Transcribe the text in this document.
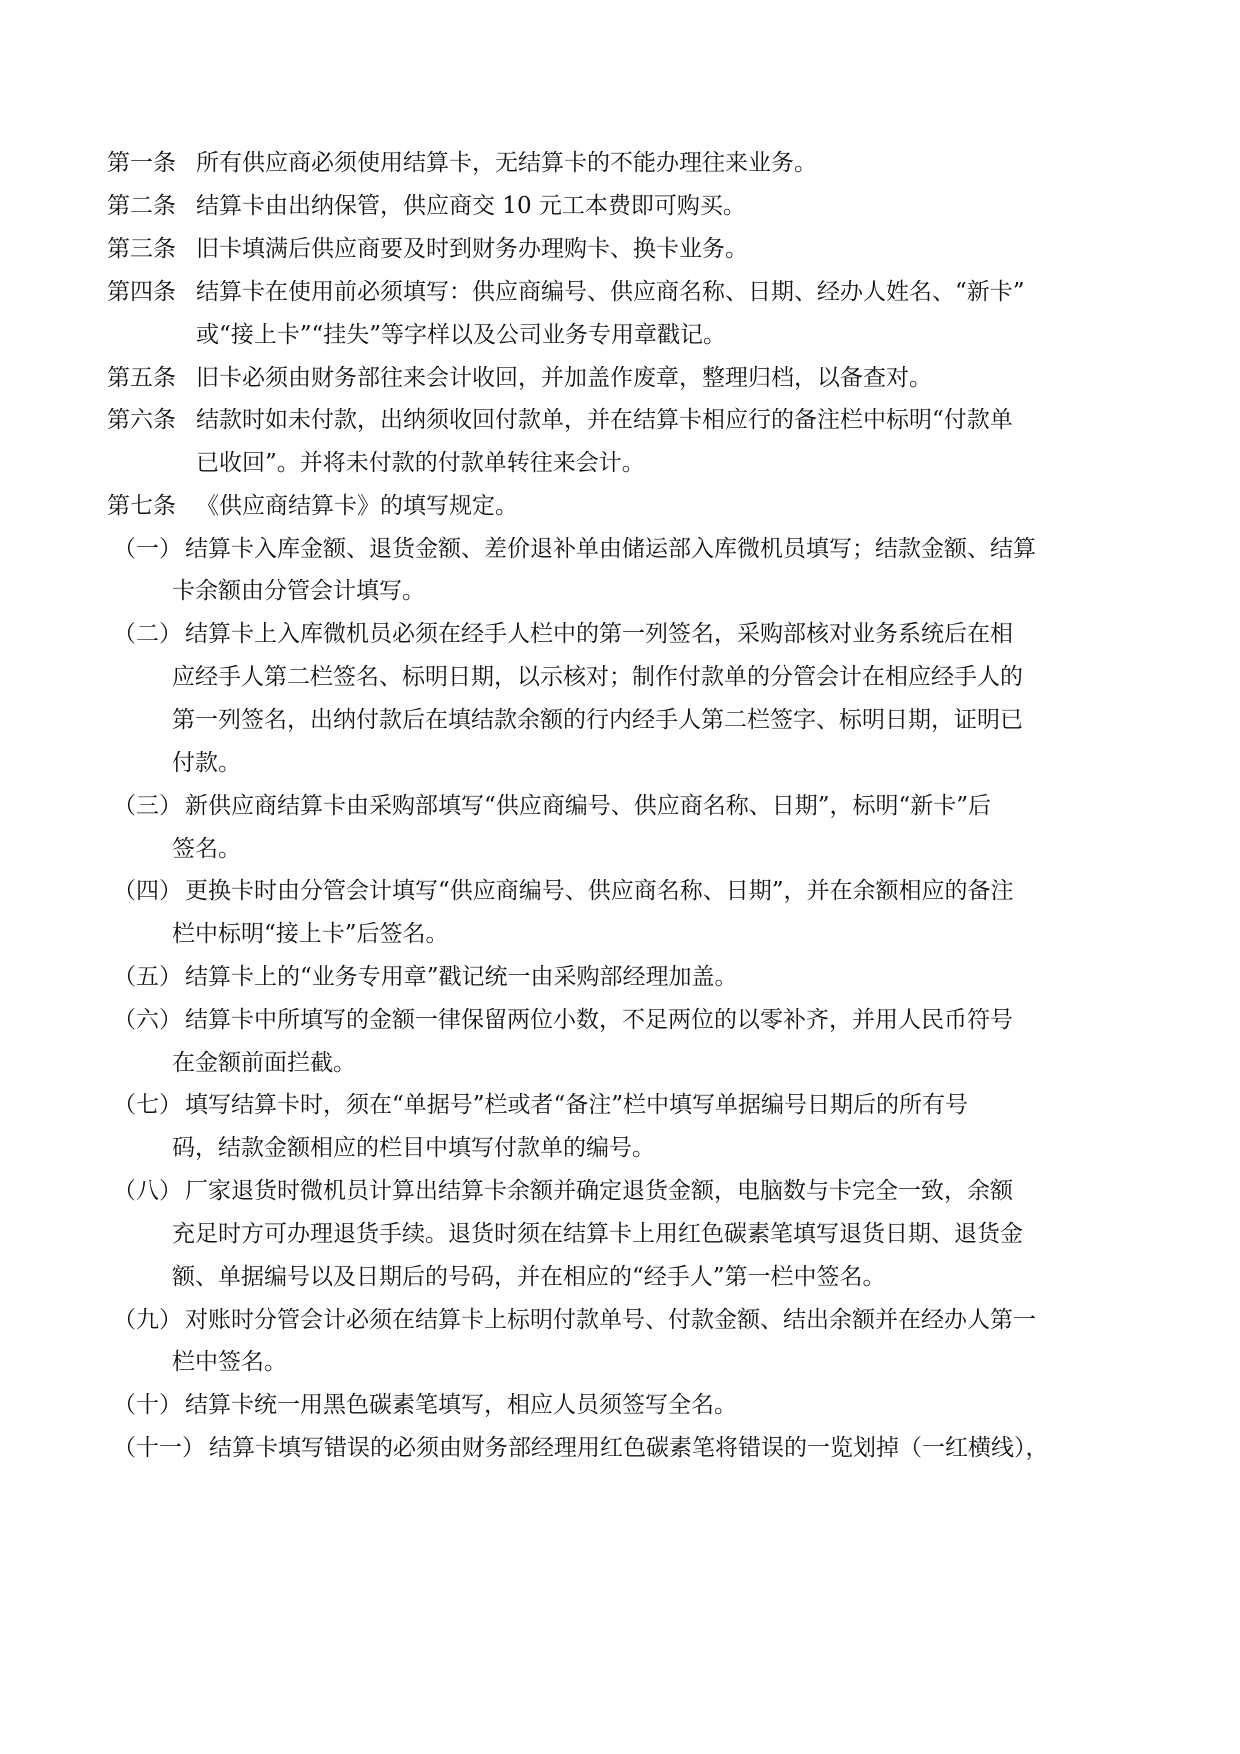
第一条 所有供应商必须使用结算卡，无结算卡的不能办理往来业务。
第二条 结算卡由出纳保管，供应商交 10 元工本费即可购买。
第三条 旧卡填满后供应商要及时到财务办理购卡、换卡业务。
第四条 结算卡在使用前必须填写：供应商编号、供应商名称、日期、经办人姓名、“新卡”
或“接上卡”“挂失”等字样以及公司业务专用章戳记。
第五条 旧卡必须由财务部往来会计收回，并加盖作废章，整理归档，以备查对。
第六条 结款时如未付款，出纳须收回付款单，并在结算卡相应行的备注栏中标明“付款单
已收回”。并将未付款的付款单转往来会计。
第七条 《供应商结算卡》的填写规定。
（一） 结算卡入库金额、退货金额、差价退补单由储运部入库微机员填写；结款金额、结算
卡余额由分管会计填写。
（二） 结算卡上入库微机员必须在经手人栏中的第一列签名，采购部核对业务系统后在相
应经手人第二栏签名、标明日期，以示核对；制作付款单的分管会计在相应经手人的
第一列签名，出纳付款后在填结款余额的行内经手人第二栏签字、标明日期，证明已
付款。
（三） 新供应商结算卡由采购部填写“供应商编号、供应商名称、日期”，标明“新卡”后
签名。
（四） 更换卡时由分管会计填写“供应商编号、供应商名称、日期”，并在余额相应的备注
栏中标明“接上卡”后签名。
（五） 结算卡上的“业务专用章”戳记统一由采购部经理加盖。
（六） 结算卡中所填写的金额一律保留两位小数，不足两位的以零补齐，并用人民币符号
在金额前面拦截。
（七） 填写结算卡时，须在“单据号”栏或者“备注”栏中填写单据编号日期后的所有号
码，结款金额相应的栏目中填写付款单的编号。
（八） 厂家退货时微机员计算出结算卡余额并确定退货金额，电脑数与卡完全一致，余额
充足时方可办理退货手续。退货时须在结算卡上用红色碳素笔填写退货日期、退货金
额、单据编号以及日期后的号码，并在相应的“经手人”第一栏中签名。
（九） 对账时分管会计必须在结算卡上标明付款单号、付款金额、结出余额并在经办人第一
栏中签名。
（十） 结算卡统一用黑色碳素笔填写，相应人员须签写全名。
（十一） 结算卡填写错误的必须由财务部经理用红色碳素笔将错误的一览划掉（一红横线），
